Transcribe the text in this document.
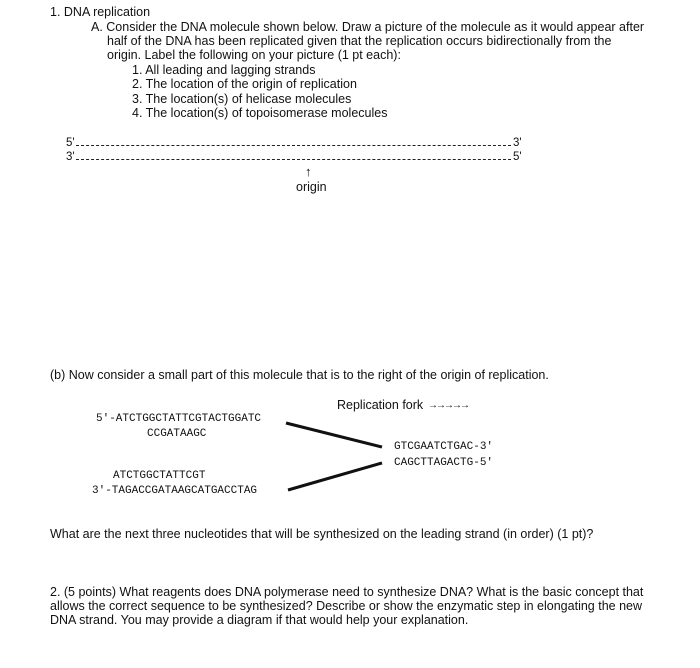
1. DNA replication
A. Consider the DNA molecule shown below. Draw a picture of the molecule as it would appear after
half of the DNA has been replicated given that the replication occurs bidirectionally from the
origin. Label the following on your picture (1 pt each):
1. All leading and lagging strands
2. The location of the origin of replication
3. The location(s) of helicase molecules
4. The location(s) of topoisomerase molecules
5'	3'
3'	5'
↑
origin
(b) Now consider a small part of this molecule that is to the right of the origin of replication.
Replication fork →→→→→
5'-ATCTGGCTATTCGTACTGGATC
CCGATAAGC
GTCGAATCTGAC-3'
CAGCTTAGACTG-5'
ATCTGGCTATTCGT
3'-TAGACCGATAAGCATGACCTAG
What are the next three nucleotides that will be synthesized on the leading strand (in order) (1 pt)?
2. (5 points) What reagents does DNA polymerase need to synthesize DNA? What is the basic concept that
allows the correct sequence to be synthesized? Describe or show the enzymatic step in elongating the new
DNA strand. You may provide a diagram if that would help your explanation.
